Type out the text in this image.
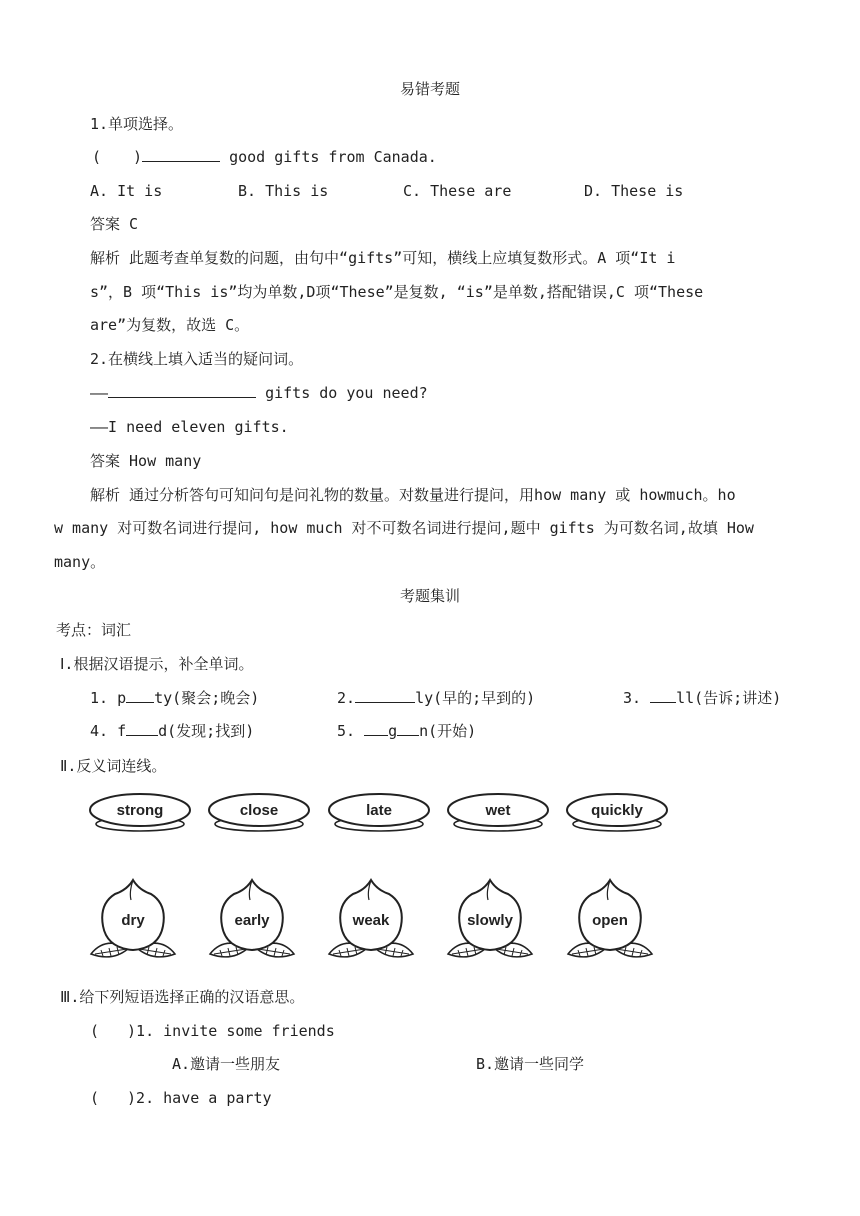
易错考题
1.单项选择。
( )	good gifts from Canada.
A. It is	B. This is	C. These are	D. These is
答案 C
解析 此题考查单复数的问题，由句中“gifts”可知，横线上应填复数形式。A 项“It i
s”，B 项“This is”均为单数,D项“These”是复数, “is”是单数,搭配错误,C 项“These
are”为复数，故选 C。
2.在横线上填入适当的疑问词。
——	gifts do you need?
——I need eleven gifts.
答案 How many
解析 通过分析答句可知问句是问礼物的数量。对数量进行提问，用how many 或 howmuch。ho
w many 对可数名词进行提问, how much 对不可数名词进行提问,题中 gifts 为可数名词,故填 How
many。
考题集训
考点：词汇
Ⅰ.根据汉语提示，补全单词。
1. p ty(聚会;晚会)	2.	ly(早的;早到的)	3. ll(告诉;讲述)
4. f d(发现;找到)	5. g n(开始)
Ⅱ.反义词连线。
strong	close	late	wet	quickly
dry	early	weak	slowly	open
Ⅲ.给下列短语选择正确的汉语意思。
( )1. invite some friends
A.邀请一些朋友	B.邀请一些同学
( )2. have a party
